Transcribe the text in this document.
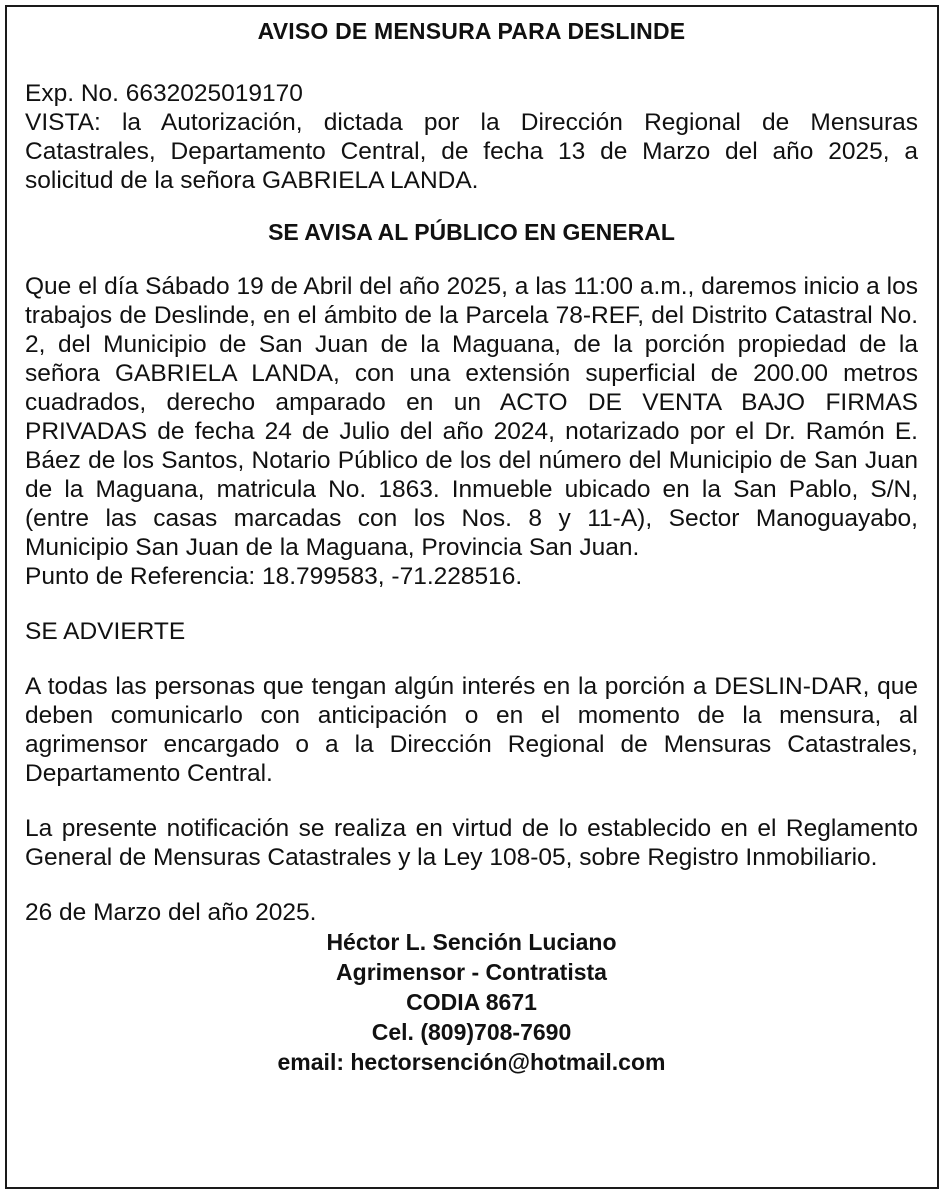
AVISO DE MENSURA PARA DESLINDE

Exp. No. 6632025019170

VISTA: la Autorización, dictada por la Dirección Regional de Mensuras Catastrales, Departamento Central, de fecha 13 de Marzo del año 2025, a solicitud de la señora GABRIELA LANDA.

SE AVISA AL PÚBLICO EN GENERAL

Que el día Sábado 19 de Abril del año 2025, a las 11:00 a.m., daremos inicio a los trabajos de Deslinde, en el ámbito de la Parcela 78-REF, del Distrito Catastral No. 2, del Municipio de San Juan de la Maguana, de la porción propiedad de la señora GABRIELA LANDA, con una extensión superficial de 200.00 metros cuadrados, derecho amparado en un ACTO DE VENTA BAJO FIRMAS PRIVADAS de fecha 24 de Julio del año 2024, notarizado por el Dr. Ramón E. Báez de los Santos, Notario Público de los del número del Municipio de San Juan de la Maguana, matricula No. 1863. Inmueble ubicado en la San Pablo, S/N, (entre las casas marcadas con los Nos. 8 y 11-A), Sector Manoguayabo, Municipio San Juan de la Maguana, Provincia San Juan.

Punto de Referencia: 18.799583, -71.228516.

SE ADVIERTE

A todas las personas que tengan algún interés en la porción a DESLIN-DAR, que deben comunicarlo con anticipación o en el momento de la mensura, al agrimensor encargado o a la Dirección Regional de Mensuras Catastrales, Departamento Central.

La presente notificación se realiza en virtud de lo establecido en el Reglamento General de Mensuras Catastrales y la Ley 108-05, sobre Registro Inmobiliario.

26 de Marzo del año 2025.

Héctor L. Sención Luciano
Agrimensor - Contratista
CODIA 8671
Cel. (809)708-7690
email: hectorsención@hotmail.com
